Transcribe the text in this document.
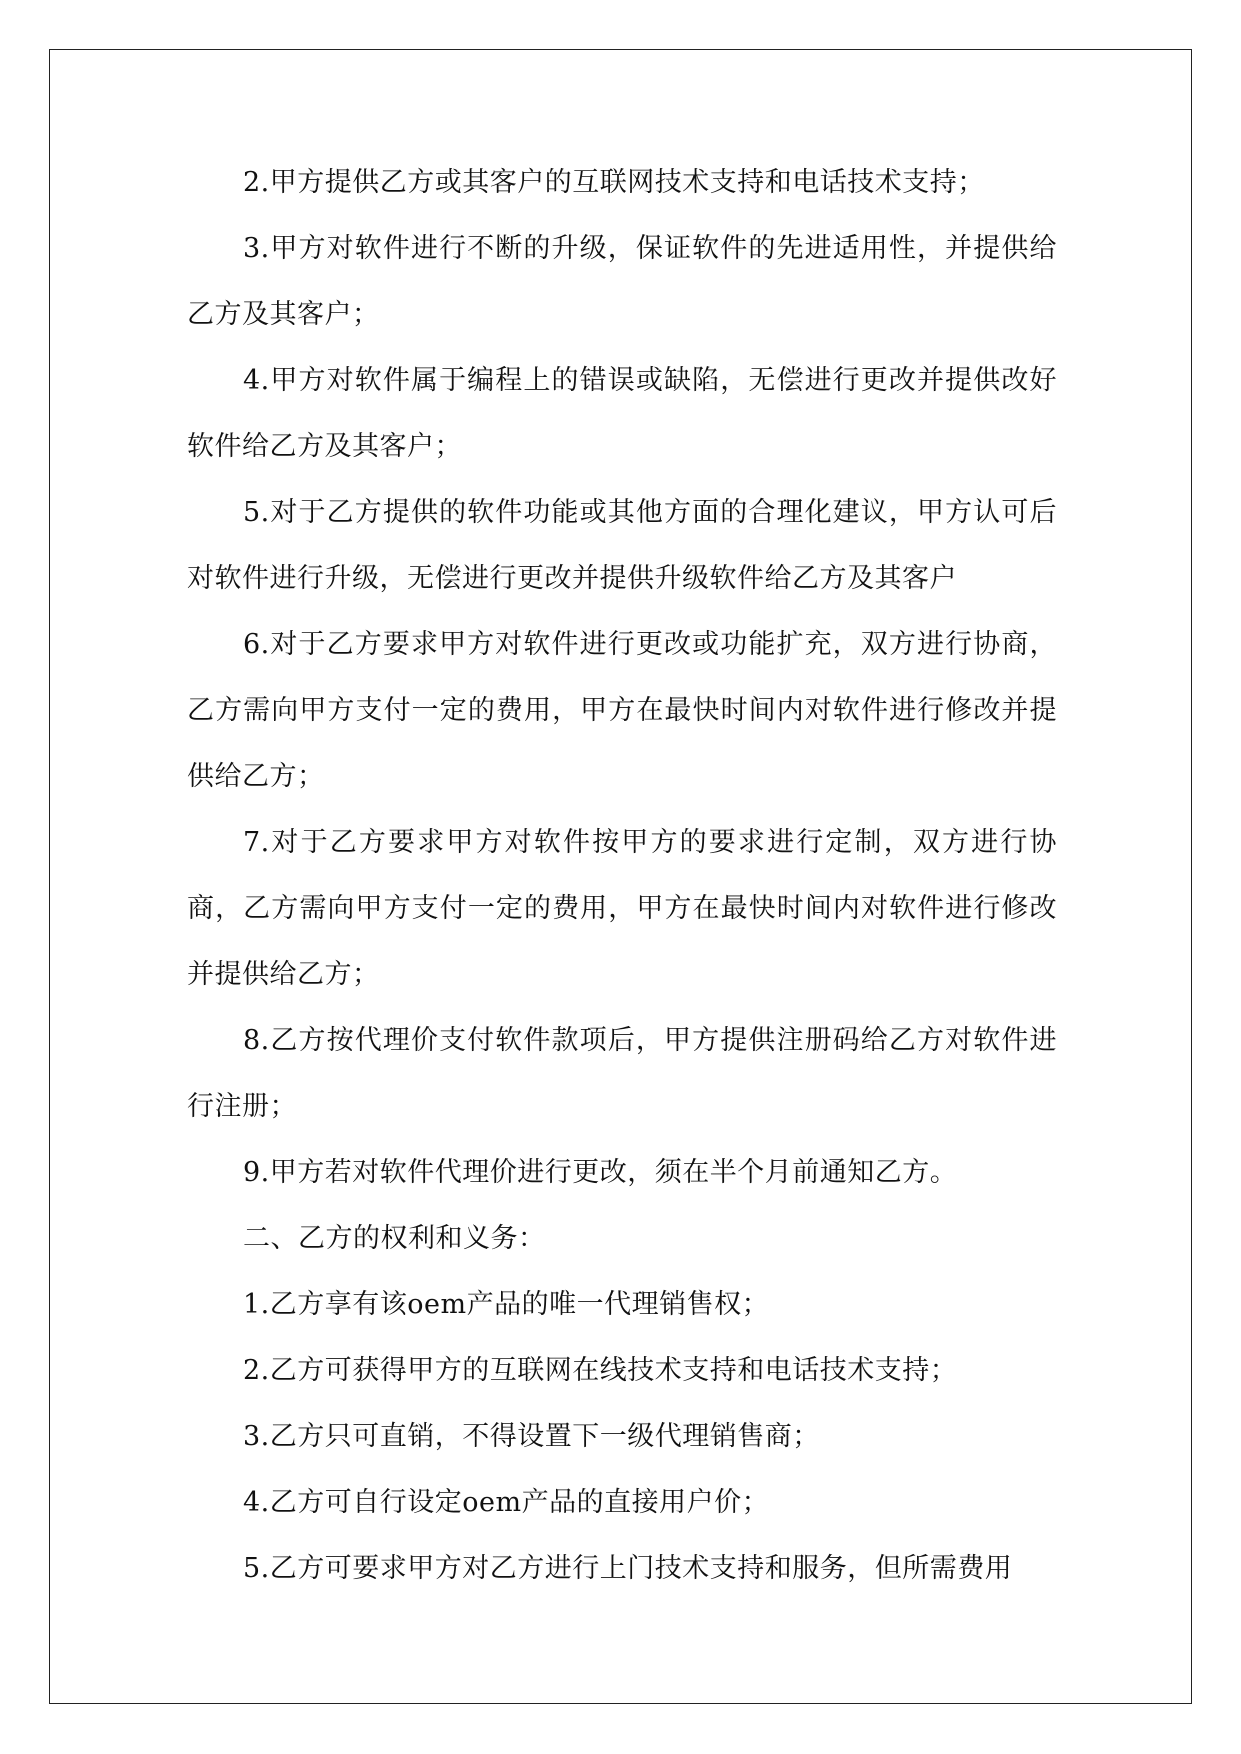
2.甲方提供乙方或其客户的互联网技术支持和电话技术支持；

3.甲方对软件进行不断的升级，保证软件的先进适用性，并提供给乙方及其客户；

4.甲方对软件属于编程上的错误或缺陷，无偿进行更改并提供改好软件给乙方及其客户；

5.对于乙方提供的软件功能或其他方面的合理化建议，甲方认可后对软件进行升级，无偿进行更改并提供升级软件给乙方及其客户

6.对于乙方要求甲方对软件进行更改或功能扩充，双方进行协商，乙方需向甲方支付一定的费用，甲方在最快时间内对软件进行修改并提供给乙方；

7.对于乙方要求甲方对软件按甲方的要求进行定制，双方进行协商，乙方需向甲方支付一定的费用，甲方在最快时间内对软件进行修改并提供给乙方；

8.乙方按代理价支付软件款项后，甲方提供注册码给乙方对软件进行注册；

9.甲方若对软件代理价进行更改，须在半个月前通知乙方。

二、乙方的权利和义务：

1.乙方享有该oem产品的唯一代理销售权；

2.乙方可获得甲方的互联网在线技术支持和电话技术支持；

3.乙方只可直销，不得设置下一级代理销售商；

4.乙方可自行设定oem产品的直接用户价；

5.乙方可要求甲方对乙方进行上门技术支持和服务，但所需费用
